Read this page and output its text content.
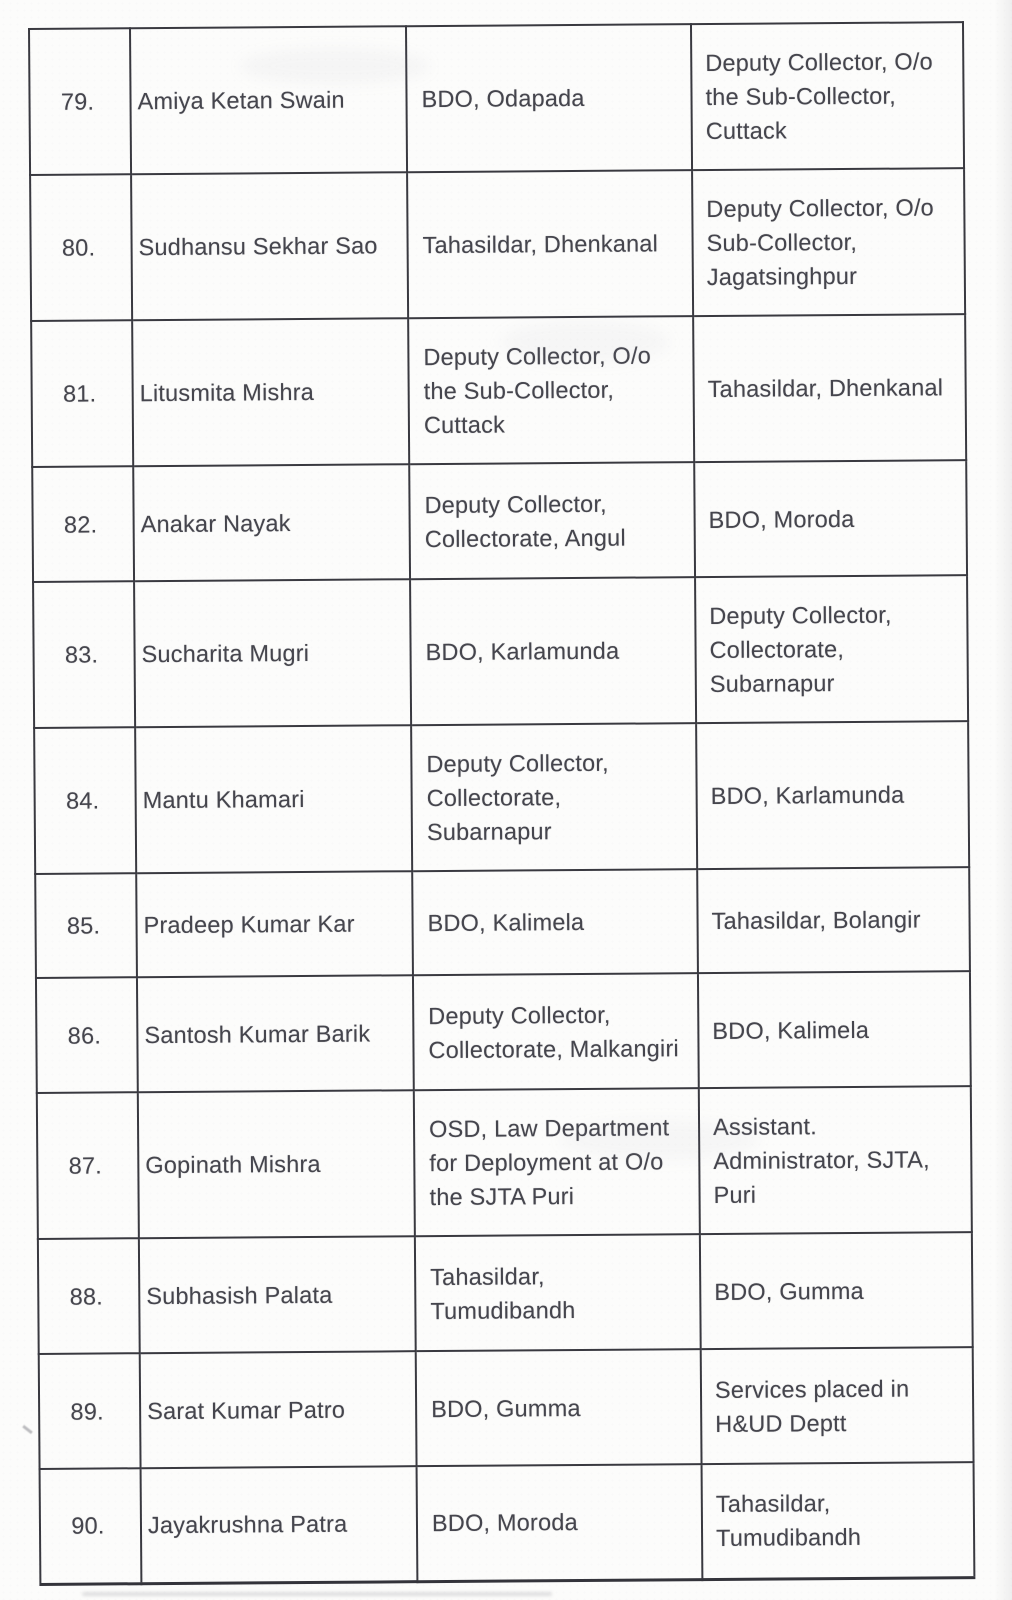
79.	Amiya Ketan Swain	BDO, Odapada	Deputy Collector, O/o
the Sub-Collector,
Cuttack
80.	Sudhansu Sekhar Sao	Tahasildar, Dhenkanal	Deputy Collector, O/o
Sub-Collector,
Jagatsinghpur
81.	Litusmita Mishra	Deputy Collector, O/o
the Sub-Collector,
Cuttack	Tahasildar, Dhenkanal
82.	Anakar Nayak	Deputy Collector,
Collectorate, Angul	BDO, Moroda
83.	Sucharita Mugri	BDO, Karlamunda	Deputy Collector,
Collectorate,
Subarnapur
84.	Mantu Khamari	Deputy Collector,
Collectorate,
Subarnapur	BDO, Karlamunda
85.	Pradeep Kumar Kar	BDO, Kalimela	Tahasildar, Bolangir
86.	Santosh Kumar Barik	Deputy Collector,
Collectorate, Malkangiri	BDO, Kalimela
87.	Gopinath Mishra	OSD, Law Department
for Deployment at O/o
the SJTA Puri	Assistant.
Administrator, SJTA,
Puri
88.	Subhasish Palata	Tahasildar,
Tumudibandh	BDO, Gumma
89.	Sarat Kumar Patro	BDO, Gumma	Services placed in
H&UD Deptt
90.	Jayakrushna Patra	BDO, Moroda	Tahasildar,
Tumudibandh
